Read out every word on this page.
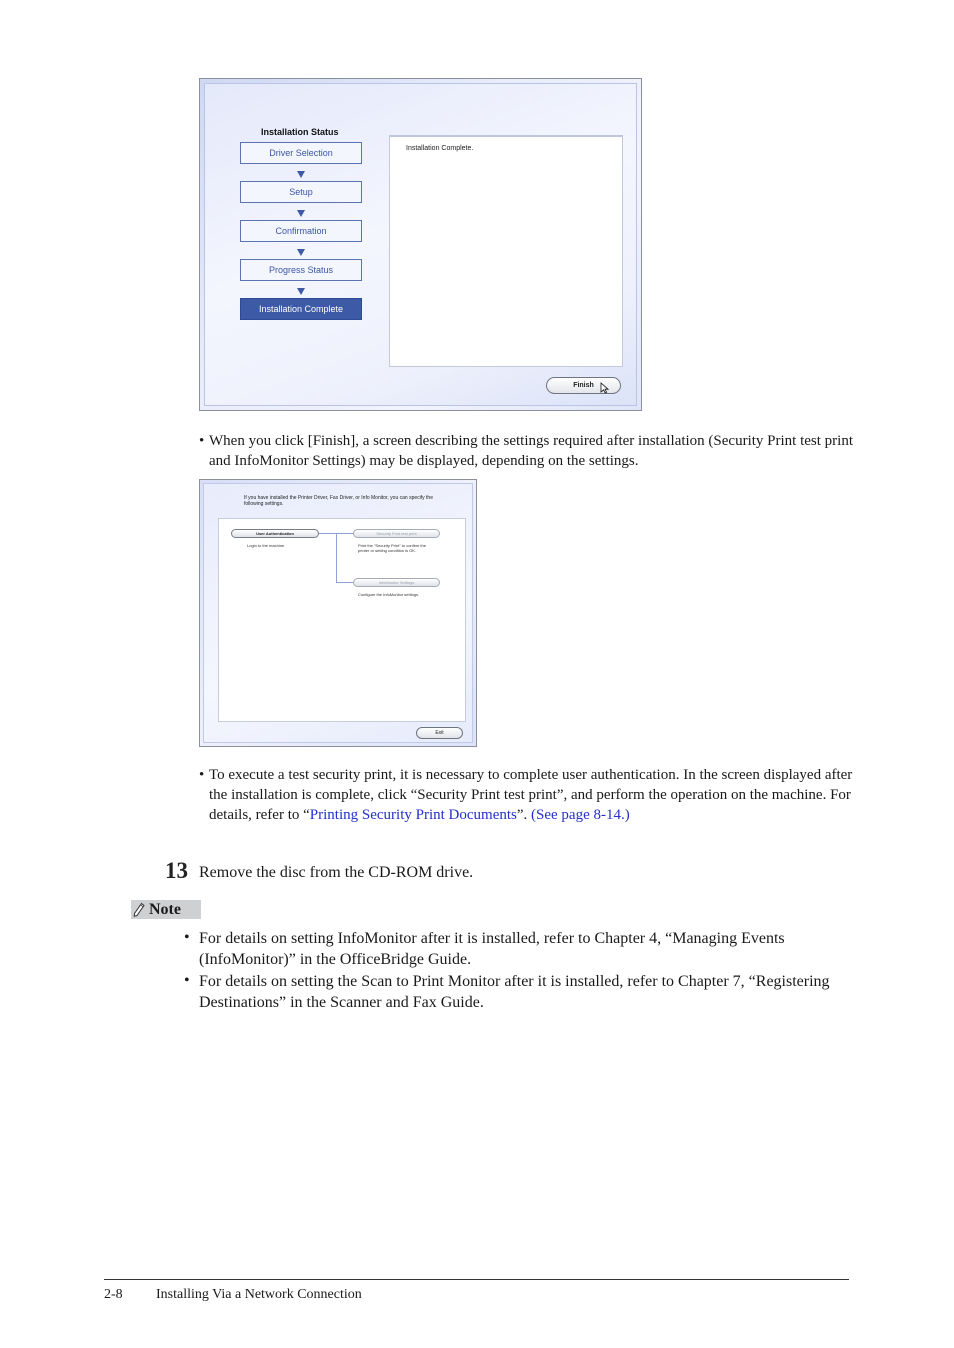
Installation Status
Driver Selection
Setup
Confirmation
Progress Status
Installation Complete
Installation Complete.
Finish
• When you click [Finish], a screen describing the settings required after installation (Security Print test print and InfoMonitor Settings) may be displayed, depending on the settings.
If you have installed the Printer Driver, Fax Driver, or Info Monitor, you can specify the following settings.
User Authentication
Login to the machine
Security Print test print
Print the "Security Print" to confirm the printer or setting condition is OK.
InfoMonitor Settings
Configure the InfoMonitor settings.
Exit
• To execute a test security print, it is necessary to complete user authentication. In the screen displayed after the installation is complete, click “Security Print test print”, and perform the operation on the machine. For details, refer to “Printing Security Print Documents”. (See page 8-14.)
13 Remove the disc from the CD-ROM drive.
Note
• For details on setting InfoMonitor after it is installed, refer to Chapter 4, “Managing Events (InfoMonitor)” in the OfficeBridge Guide.
• For details on setting the Scan to Print Monitor after it is installed, refer to Chapter 7, “Registering Destinations” in the Scanner and Fax Guide.
2-8 Installing Via a Network Connection
